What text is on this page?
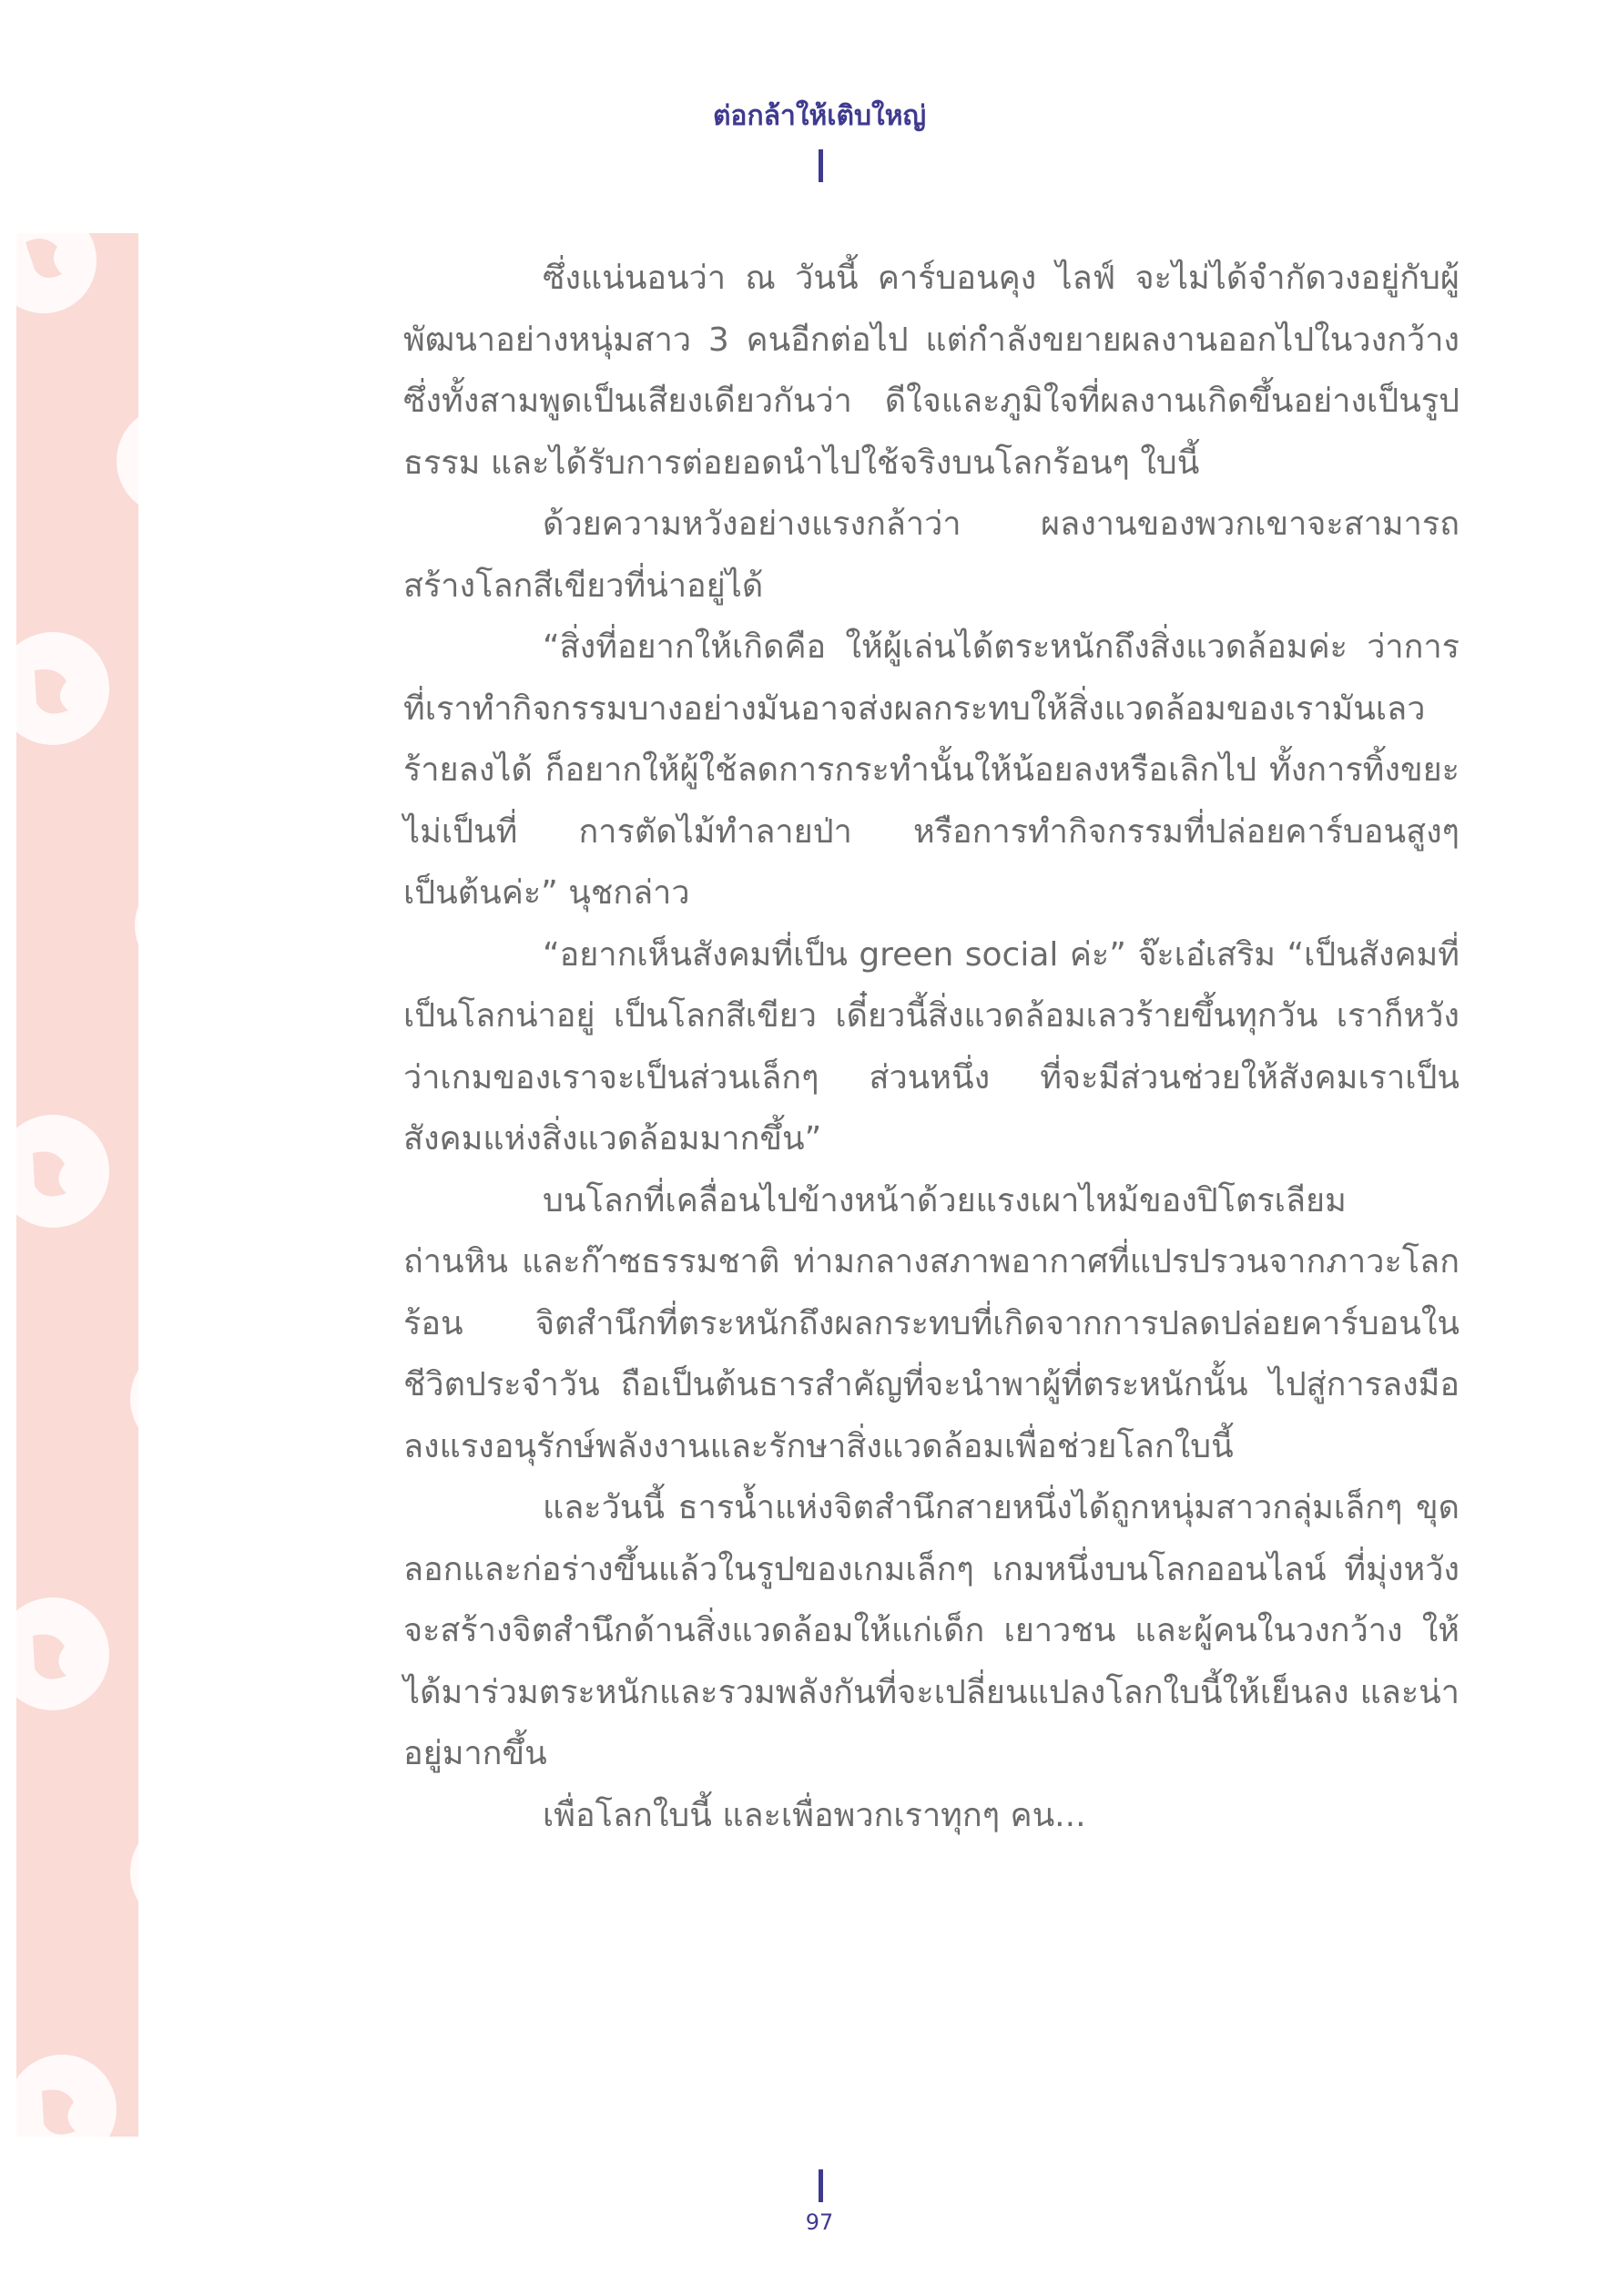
ต่อกล้าให้เติบใหญ่

ซึ่งแน่นอนว่า ณ วันนี้ คาร์บอนคุง ไลฟ์ จะไม่ได้จำกัดวงอยู่กับผู้พัฒนาอย่างหนุ่มสาว 3 คนอีกต่อไป แต่กำลังขยายผลงานออกไปในวงกว้าง ซึ่งทั้งสามพูดเป็นเสียงเดียวกันว่า ดีใจและภูมิใจที่ผลงานเกิดขึ้นอย่างเป็นรูปธรรม และได้รับการต่อยอดนำไปใช้จริงบนโลกร้อนๆ ใบนี้

ด้วยความหวังอย่างแรงกล้าว่า ผลงานของพวกเขาจะสามารถสร้างโลกสีเขียวที่น่าอยู่ได้

“สิ่งที่อยากให้เกิดคือ ให้ผู้เล่นได้ตระหนักถึงสิ่งแวดล้อมค่ะ ว่าการที่เราทำกิจกรรมบางอย่างมันอาจส่งผลกระทบให้สิ่งแวดล้อมของเรามันเลวร้ายลงได้ ก็อยากให้ผู้ใช้ลดการกระทำนั้นให้น้อยลงหรือเลิกไป ทั้งการทิ้งขยะไม่เป็นที่ การตัดไม้ทำลายป่า หรือการทำกิจกรรมที่ปล่อยคาร์บอนสูงๆ เป็นต้นค่ะ” นุชกล่าว

“อยากเห็นสังคมที่เป็น green social ค่ะ” จ๊ะเอ๋เสริม “เป็นสังคมที่เป็นโลกน่าอยู่ เป็นโลกสีเขียว เดี๋ยวนี้สิ่งแวดล้อมเลวร้ายขึ้นทุกวัน เราก็หวังว่าเกมของเราจะเป็นส่วนเล็กๆ ส่วนหนึ่ง ที่จะมีส่วนช่วยให้สังคมเราเป็นสังคมแห่งสิ่งแวดล้อมมากขึ้น”

บนโลกที่เคลื่อนไปข้างหน้าด้วยแรงเผาไหม้ของปิโตรเลียม ถ่านหิน และก๊าซธรรมชาติ ท่ามกลางสภาพอากาศที่แปรปรวนจากภาวะโลกร้อน จิตสำนึกที่ตระหนักถึงผลกระทบที่เกิดจากการปลดปล่อยคาร์บอนในชีวิตประจำวัน ถือเป็นต้นธารสำคัญที่จะนำพาผู้ที่ตระหนักนั้น ไปสู่การลงมือลงแรงอนุรักษ์พลังงานและรักษาสิ่งแวดล้อมเพื่อช่วยโลกใบนี้

และวันนี้ ธารน้ำแห่งจิตสำนึกสายหนึ่งได้ถูกหนุ่มสาวกลุ่มเล็กๆ ขุดลอกและก่อร่างขึ้นแล้วในรูปของเกมเล็กๆ เกมหนึ่งบนโลกออนไลน์ ที่มุ่งหวังจะสร้างจิตสำนึกด้านสิ่งแวดล้อมให้แก่เด็ก เยาวชน และผู้คนในวงกว้าง ให้ได้มาร่วมตระหนักและรวมพลังกันที่จะเปลี่ยนแปลงโลกใบนี้ให้เย็นลง และน่าอยู่มากขึ้น

เพื่อโลกใบนี้ และเพื่อพวกเราทุกๆ คน...

97
